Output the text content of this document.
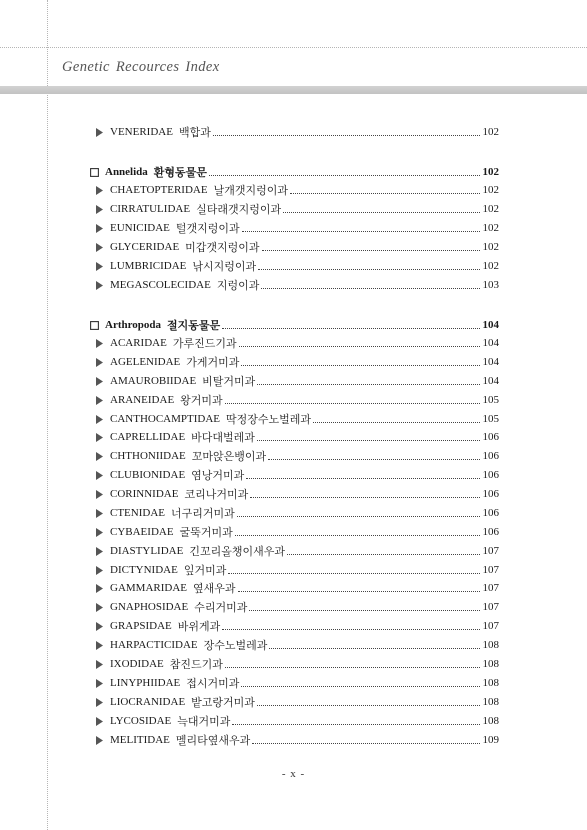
Genetic Recources Index
VENERIDAE 백합과	102
Annelida 환형동물문	102
CHAETOPTERIDAE 날개갯지렁이과	102
CIRRATULIDAE 실타래갯지렁이과	102
EUNICIDAE 털갯지렁이과	102
GLYCERIDAE 미갑갯지렁이과	102
LUMBRICIDAE 낚시지렁이과	102
MEGASCOLECIDAE 지렁이과	103
Arthropoda 절지동물문	104
ACARIDAE 가루진드기과	104
AGELENIDAE 가게거미과	104
AMAUROBIIDAE 비탈거미과	104
ARANEIDAE 왕거미과	105
CANTHOCAMPTIDAE 딱정장수노벌레과	105
CAPRELLIDAE 바다대벌레과	106
CHTHONIIDAE 꼬마앉은뱅이과	106
CLUBIONIDAE 염낭거미과	106
CORINNIDAE 코리나거미과	106
CTENIDAE 너구리거미과	106
CYBAEIDAE 굴뚝거미과	106
DIASTYLIDAE 긴꼬리올챙이새우과	107
DICTYNIDAE 잎거미과	107
GAMMARIDAE 옆새우과	107
GNAPHOSIDAE 수리거미과	107
GRAPSIDAE 바위게과	107
HARPACTICIDAE 장수노벌레과	108
IXODIDAE 참진드기과	108
LINYPHIIDAE 접시거미과	108
LIOCRANIDAE 밭고랑거미과	108
LYCOSIDAE 늑대거미과	108
MELITIDAE 멜리타옆새우과	109
- x -
